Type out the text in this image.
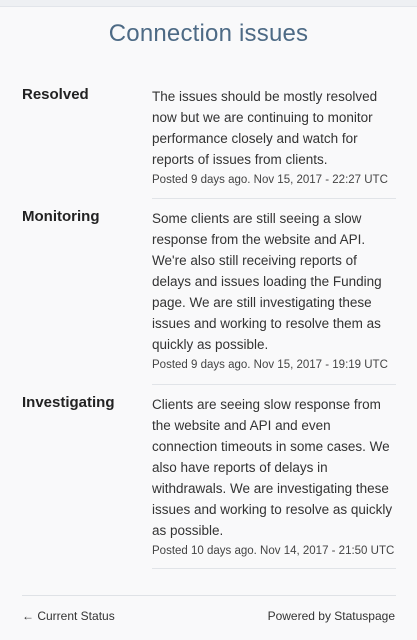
Connection issues
Resolved	The issues should be mostly resolved now but we are continuing to monitor performance closely and watch for reports of issues from clients.
Posted 9 days ago. Nov 15, 2017 - 22:27 UTC
Monitoring	Some clients are still seeing a slow response from the website and API. We're also still receiving reports of delays and issues loading the Funding page. We are still investigating these issues and working to resolve them as quickly as possible.
Posted 9 days ago. Nov 15, 2017 - 19:19 UTC
Investigating	Clients are seeing slow response from the website and API and even connection timeouts in some cases. We also have reports of delays in withdrawals. We are investigating these issues and working to resolve as quickly as possible.
Posted 10 days ago. Nov 14, 2017 - 21:50 UTC
← Current Status	Powered by Statuspage
